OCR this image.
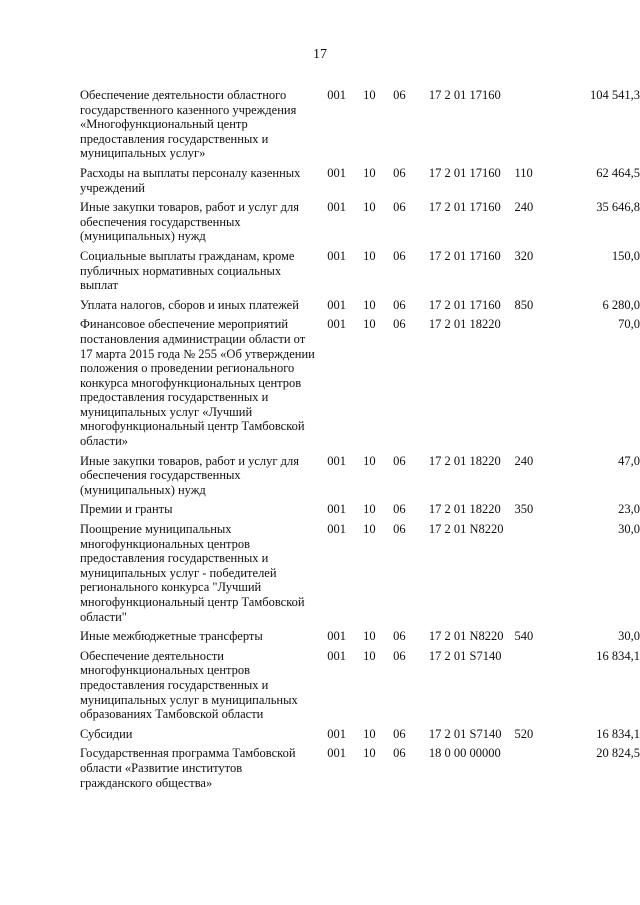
17
Обеспечение деятельности областного государственного казенного учреждения «Многофункциональный центр предоставления государственных и муниципальных услуг»	001	10	06	17 2 01 17160		104 541,3
Расходы на выплаты персоналу казенных учреждений	001	10	06	17 2 01 17160	110	62 464,5
Иные закупки товаров, работ и услуг для обеспечения государственных (муниципальных) нужд	001	10	06	17 2 01 17160	240	35 646,8
Социальные выплаты гражданам, кроме публичных нормативных социальных выплат	001	10	06	17 2 01 17160	320	150,0
Уплата налогов, сборов и иных платежей	001	10	06	17 2 01 17160	850	6 280,0
Финансовое обеспечение мероприятий постановления администрации области от 17 марта 2015 года № 255 «Об утверждении положения о проведении регионального конкурса многофункциональных центров предоставления государственных и муниципальных услуг «Лучший многофункциональный центр Тамбовской области»	001	10	06	17 2 01 18220		70,0
Иные закупки товаров, работ и услуг для обеспечения государственных (муниципальных) нужд	001	10	06	17 2 01 18220	240	47,0
Премии и гранты	001	10	06	17 2 01 18220	350	23,0
Поощрение муниципальных многофункциональных центров предоставления государственных и муниципальных услуг - победителей регионального конкурса "Лучший многофункциональный центр Тамбовской области"	001	10	06	17 2 01 N8220		30,0
Иные межбюджетные трансферты	001	10	06	17 2 01 N8220	540	30,0
Обеспечение деятельности многофункциональных центров предоставления государственных и муниципальных услуг в муниципальных образованиях Тамбовской области	001	10	06	17 2 01 S7140		16 834,1
Субсидии	001	10	06	17 2 01 S7140	520	16 834,1
Государственная программа Тамбовской области «Развитие институтов гражданского общества»	001	10	06	18 0 00 00000		20 824,5
